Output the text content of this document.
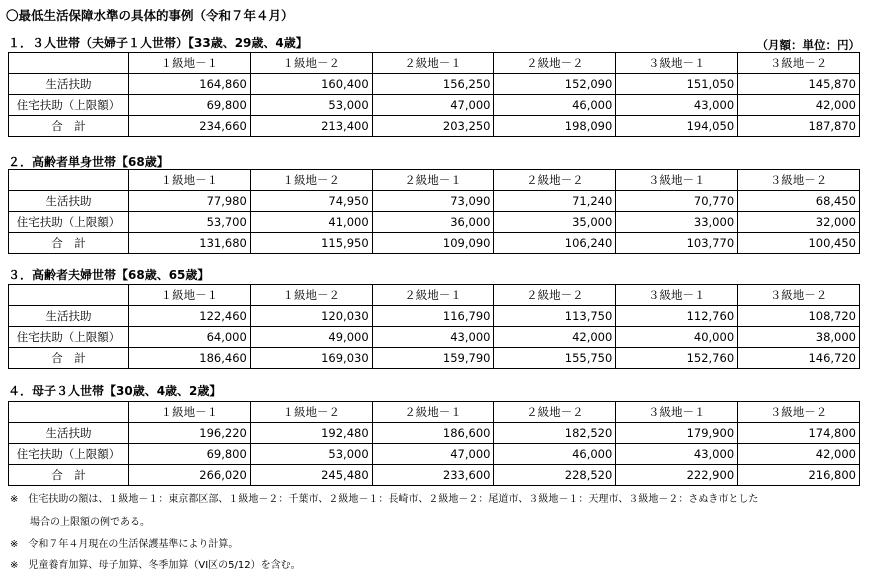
〇最低生活保障水準の具体的事例（令和７年４月）
（月額：単位：円）
１．３人世帯（夫婦子１人世帯）【33歳、29歳、4歳】
	１級地－１	１級地－２	２級地－１	２級地－２	３級地－１	３級地－２
生活扶助	164,860	160,400	156,250	152,090	151,050	145,870
住宅扶助（上限額）	69,800	53,000	47,000	46,000	43,000	42,000
合　計	234,660	213,400	203,250	198,090	194,050	187,870
２．高齢者単身世帯【68歳】
	１級地－１	１級地－２	２級地－１	２級地－２	３級地－１	３級地－２
生活扶助	77,980	74,950	73,090	71,240	70,770	68,450
住宅扶助（上限額）	53,700	41,000	36,000	35,000	33,000	32,000
合　計	131,680	115,950	109,090	106,240	103,770	100,450
３．高齢者夫婦世帯【68歳、65歳】
	１級地－１	１級地－２	２級地－１	２級地－２	３級地－１	３級地－２
生活扶助	122,460	120,030	116,790	113,750	112,760	108,720
住宅扶助（上限額）	64,000	49,000	43,000	42,000	40,000	38,000
合　計	186,460	169,030	159,790	155,750	152,760	146,720
４．母子３人世帯【30歳、4歳、2歳】
	１級地－１	１級地－２	２級地－１	２級地－２	３級地－１	３級地－２
生活扶助	196,220	192,480	186,600	182,520	179,900	174,800
住宅扶助（上限額）	69,800	53,000	47,000	46,000	43,000	42,000
合　計	266,020	245,480	233,600	228,520	222,900	216,800
※　住宅扶助の額は、１級地－１：東京都区部、１級地－２：千葉市、２級地－１：長崎市、２級地－２：尾道市、３級地－１：天理市、３級地－２：さぬき市とした
　　場合の上限額の例である。
※　令和７年４月現在の生活保護基準により計算。
※　児童養育加算、母子加算、冬季加算（VI区の5/12）を含む。
